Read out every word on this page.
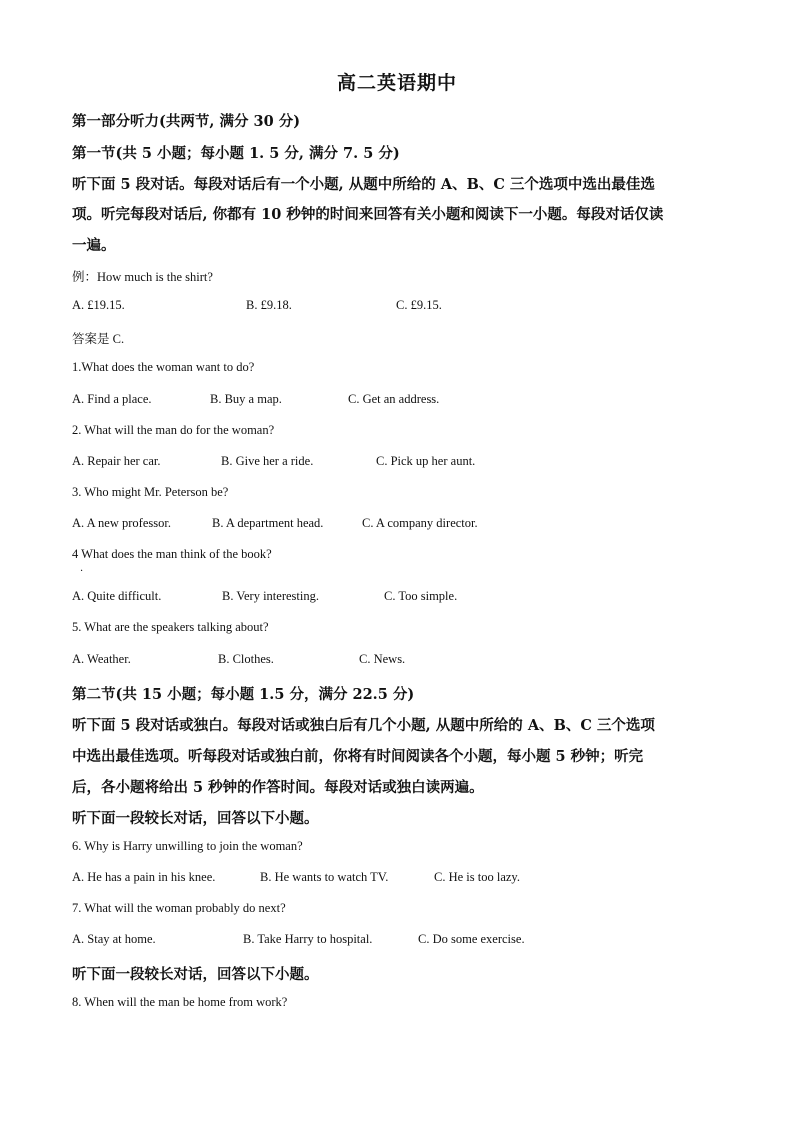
高二英语期中
第一部分听力(共两节, 满分 30 分)
第一节(共 5 小题；每小题 1. 5 分, 满分 7. 5 分)
听下面 5 段对话。每段对话后有一个小题, 从题中所给的 A、B、C 三个选项中选出最佳选
项。听完每段对话后, 你都有 10 秒钟的时间来回答有关小题和阅读下一小题。每段对话仅读
一遍。
例：How much is the shirt?
A. £19.15.	B. £9.18.	C. £9.15.
答案是 C.
1.What does the woman want to do?
A. Find a place.	B. Buy a map.	C. Get an address.
2. What will the man do for the woman?
A. Repair her car.	B. Give her a ride.	C. Pick up her aunt.
3. Who might Mr. Peterson be?
A. A new professor.	B. A department head.	C. A company director.
4 What does the man think of the book?
·
A. Quite difficult.	B. Very interesting.	C. Too simple.
5. What are the speakers talking about?
A. Weather.	B. Clothes.	C. News.
第二节(共 15 小题；每小题 1.5 分，满分 22.5 分)
听下面 5 段对话或独白。每段对话或独白后有几个小题, 从题中所给的 A、B、C 三个选项
中选出最佳选项。听每段对话或独白前，你将有时间阅读各个小题，每小题 5 秒钟；听完
后，各小题将给出 5 秒钟的作答时间。每段对话或独白读两遍。
听下面一段较长对话，回答以下小题。
6. Why is Harry unwilling to join the woman?
A. He has a pain in his knee.	B. He wants to watch TV.	C. He is too lazy.
7. What will the woman probably do next?
A. Stay at home.	B. Take Harry to hospital.	C. Do some exercise.
听下面一段较长对话，回答以下小题。
8. When will the man be home from work?
